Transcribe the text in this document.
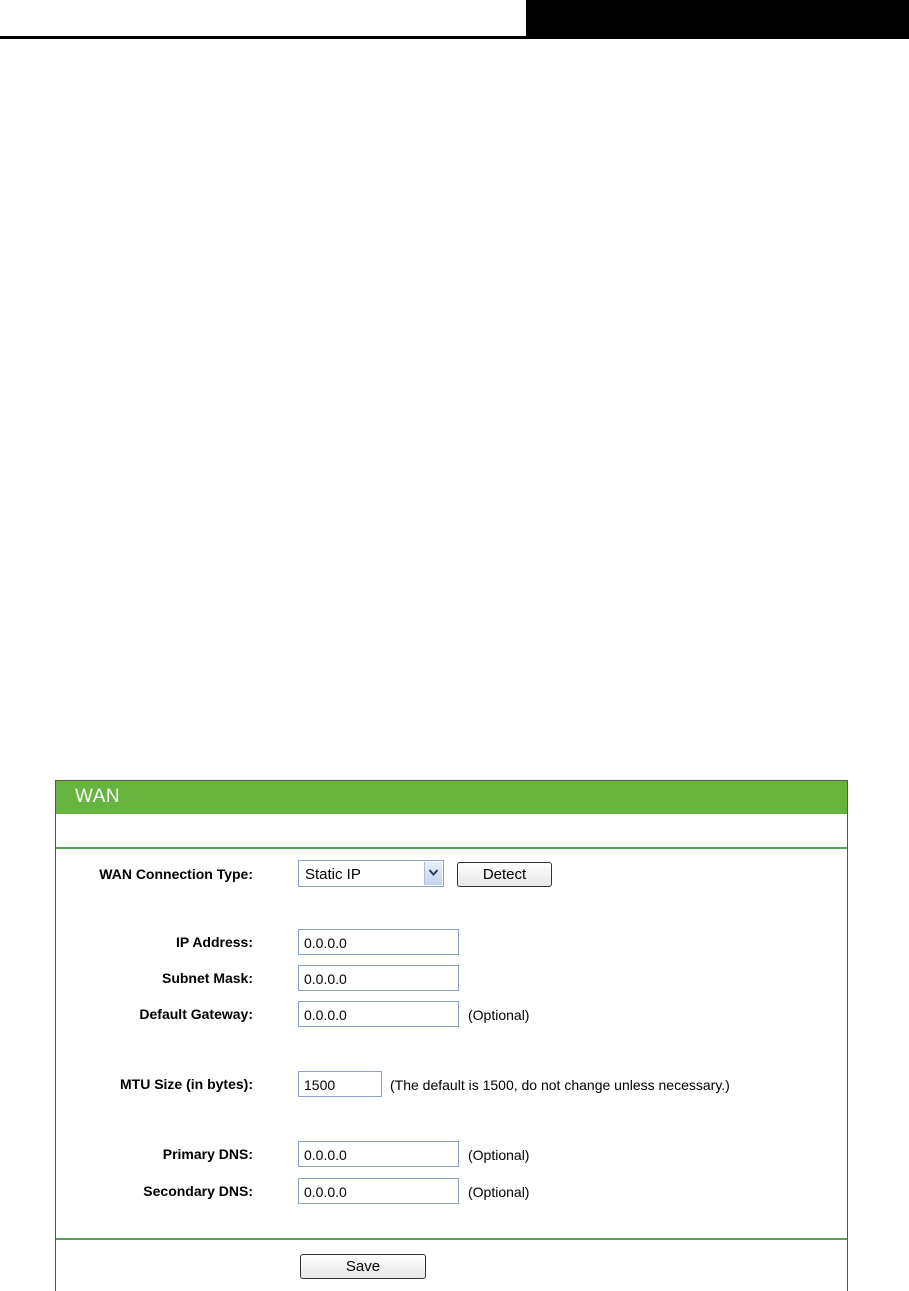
WAN
WAN Connection Type:	Static IP	Detect
IP Address:	0.0.0.0
Subnet Mask:	0.0.0.0
Default Gateway:	0.0.0.0	(Optional)
MTU Size (in bytes):	1500	(The default is 1500, do not change unless necessary.)
Primary DNS:	0.0.0.0	(Optional)
Secondary DNS:	0.0.0.0	(Optional)
Save
